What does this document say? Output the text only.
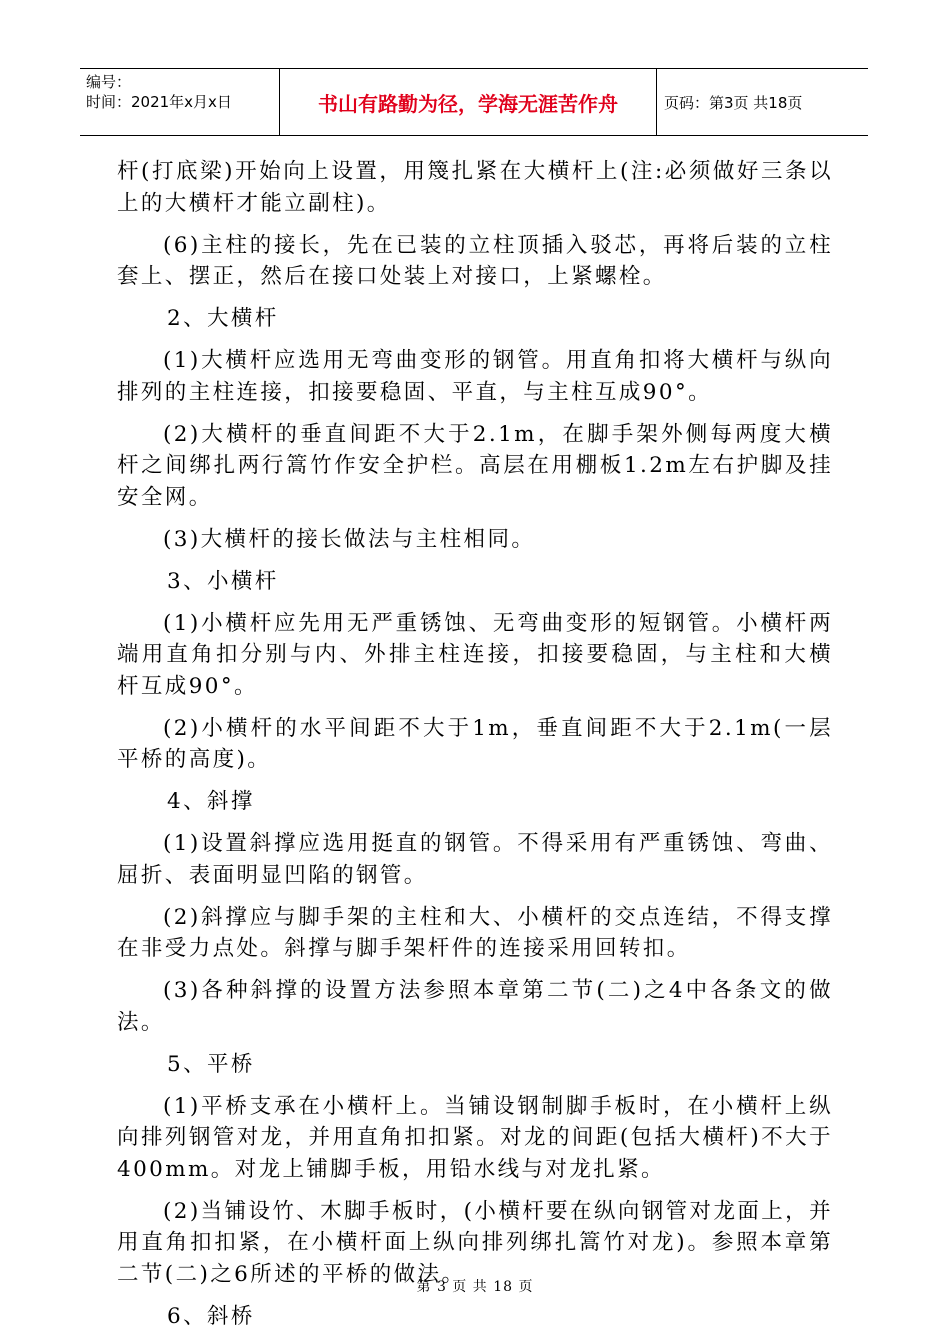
编号：
时间：2021年x月x日	书山有路勤为径，学海无涯苦作舟	页码：第3页 共18页

杆(打底梁)开始向上设置，用篾扎紧在大横杆上(注:必须做好三条以上的大横杆才能立副柱)。

(6)主柱的接长，先在已装的立柱顶插入驳芯，再将后装的立柱套上、摆正，然后在接口处装上对接口，上紧螺栓。

2、大横杆

(1)大横杆应选用无弯曲变形的钢管。用直角扣将大横杆与纵向排列的主柱连接，扣接要稳固、平直，与主柱互成90°。

(2)大横杆的垂直间距不大于2.1m，在脚手架外侧每两度大横杆之间绑扎两行篙竹作安全护栏。高层在用棚板1.2m左右护脚及挂安全网。

(3)大横杆的接长做法与主柱相同。

3、小横杆

(1)小横杆应先用无严重锈蚀、无弯曲变形的短钢管。小横杆两端用直角扣分别与内、外排主柱连接，扣接要稳固，与主柱和大横杆互成90°。

(2)小横杆的水平间距不大于1m，垂直间距不大于2.1m(一层平桥的高度)。

4、斜撑

(1)设置斜撑应选用挺直的钢管。不得采用有严重锈蚀、弯曲、屈折、表面明显凹陷的钢管。

(2)斜撑应与脚手架的主柱和大、小横杆的交点连结，不得支撑在非受力点处。斜撑与脚手架杆件的连接采用回转扣。

(3)各种斜撑的设置方法参照本章第二节(二)之4中各条文的做法。

5、平桥

(1)平桥支承在小横杆上。当铺设钢制脚手板时，在小横杆上纵向排列钢管对龙，并用直角扣扣紧。对龙的间距(包括大横杆)不大于400mm。对龙上铺脚手板，用铅水线与对龙扎紧。

(2)当铺设竹、木脚手板时，(小横杆要在纵向钢管对龙面上，并用直角扣扣紧，在小横杆面上纵向排列绑扎篙竹对龙)。参照本章第二节(二)之6所述的平桥的做法。

6、斜桥

第 3 页 共 18 页
